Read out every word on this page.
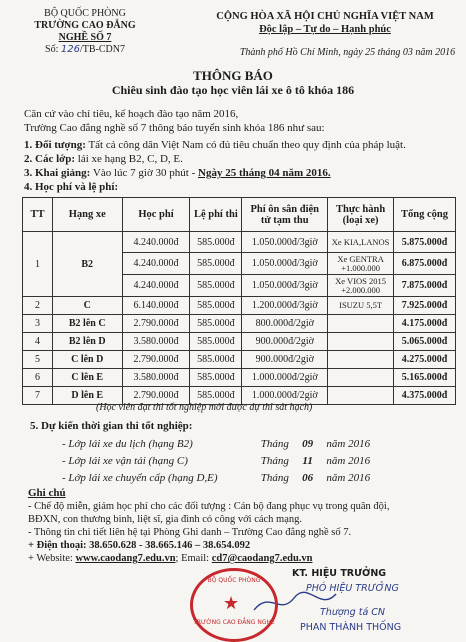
BỘ QUỐC PHÒNG
TRƯỜNG CAO ĐẲNG
NGHỀ SỐ 7
Số: 126/TB-CDN7
CỘNG HÒA XÃ HỘI CHỦ NGHĨA VIỆT NAM
Độc lập – Tự do – Hạnh phúc
Thành phố Hồ Chí Minh, ngày 25 tháng 03 năm 2016
THÔNG BÁO
Chiêu sinh đào tạo học viên lái xe ô tô khóa 186
Căn cứ vào chỉ tiêu, kế hoạch đào tạo năm 2016,
Trường Cao đẳng nghề số 7 thông báo tuyển sinh khóa 186 như sau:
1. Đối tượng: Tất cả công dân Việt Nam có đủ tiêu chuẩn theo quy định của pháp luật.
2. Các lớp: lái xe hạng B2, C, D, E.
3. Khai giảng: Vào lúc 7 giờ 30 phút - Ngày 25 tháng 04 năm 2016.
4. Học phí và lệ phí:
TT	Hạng xe	Học phí	Lệ phí thi	Phí ôn sân điện tử tạm thu	Thực hành (loại xe)	Tổng cộng
1	B2	4.240.000đ	585.000đ	1.050.000đ/3giờ	Xe KIA,LANOS	5.875.000đ
		4.240.000đ	585.000đ	1.050.000đ/3giờ	Xe GENTRA
+1.000.000	6.875.000đ
		4.240.000đ	585.000đ	1.050.000đ/3giờ	Xe VIOS 2015
+2.000.000	7.875.000đ
2	C	6.140.000đ	585.000đ	1.200.000đ/3giờ	ISUZU 5,5T	7.925.000đ
3	B2 lên C	2.790.000đ	585.000đ	800.000đ/2giờ		4.175.000đ
4	B2 lên D	3.580.000đ	585.000đ	900.000đ/2giờ		5.065.000đ
5	C lên D	2.790.000đ	585.000đ	900.000đ/2giờ		4.275.000đ
6	C lên E	3.580.000đ	585.000đ	1.000.000đ/2giờ		5.165.000đ
7	D lên E	2.790.000đ	585.000đ	1.000.000đ/2giờ		4.375.000đ
(Học viên đạt thi tốt nghiệp mới được dự thi sát hạch)
5. Dự kiến thời gian thi tốt nghiệp:
- Lớp lái xe du lịch (hạng B2)	Tháng 09 năm 2016
- Lớp lái xe vận tải (hạng C)	Tháng 11 năm 2016
- Lớp lái xe chuyển cấp (hạng D,E)	Tháng 06 năm 2016
Ghi chú
- Chế độ miễn, giảm học phí cho các đối tượng : Cán bộ đang phục vụ trong quân đội,
BĐXN, con thương binh, liệt sĩ, gia đình có công với cách mạng.
- Thông tin chi tiết liên hệ tại Phòng Ghi danh – Trường Cao đẳng nghề số 7.
+ Điện thoại: 38.650.628 - 38.665.146 – 38.654.092
+ Website: www.caodang7.edu.vn; Email: cd7@caodang7.edu.vn
KT. HIỆU TRƯỞNG
PHÓ HIỆU TRƯỞNG
Thượng tá CN
PHAN THÀNH THỐNG
BỘ QUỐC PHÒNG
★
TRƯỜNG CAO ĐẲNG NGHỀ
